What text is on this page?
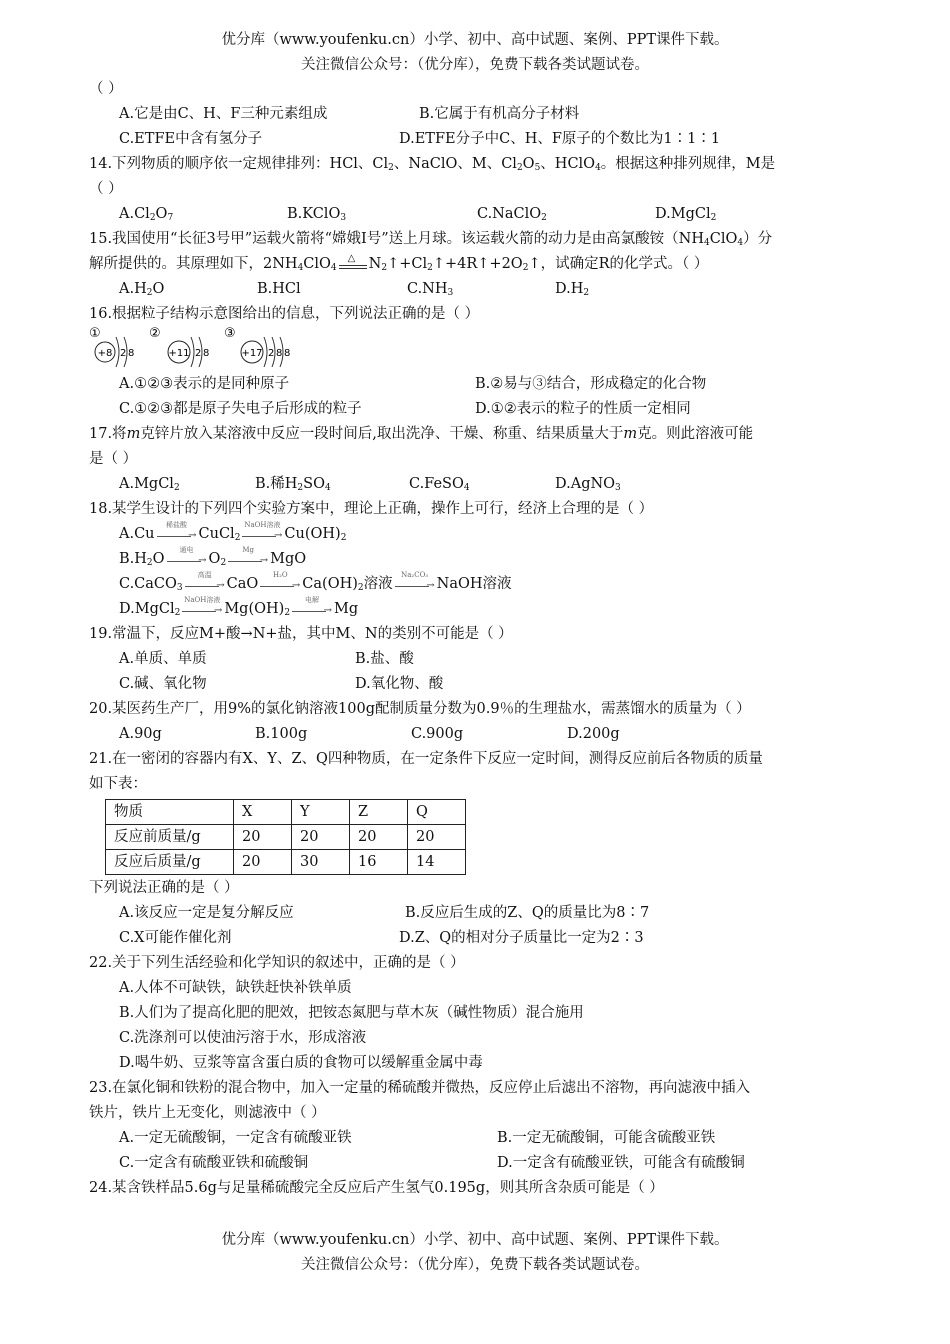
优分库（www.youfenku.cn）小学、初中、高中试题、案例、PPT课件下载。
关注微信公众号：（优分库），免费下载各类试题试卷。
（ ）
A.它是由C、H、F三种元素组成	B.它属于有机高分子材料
C.ETFE中含有氢分子	D.ETFE分子中C、H、F原子的个数比为1∶1∶1
14.下列物质的顺序依一定规律排列：HCl、$Cl_2$、NaClO、M、$Cl_2O_5$、HClO$_4$。根据这种排列规律，M是
（ ）
$A.Cl_2O_7$	B.KClO$_3$	C.NaClO$_2$	D.MgCl$_2$
15.我国使用“长征3号甲”运载火箭将“嫦娥Ⅰ号”送上月球。该运载火箭的动力是由高氯酸铵$(NH_4ClO_4)$分
解所提供的。其原理如下，$2NH_4ClO_4$
△ $N_2↑+Cl_2↑+4R↑+2O_2↑$，试确定R的化学式。（ ）
$A.H_2O$	B.HCl	$C.NH_3$	$D.H_2$
16.根据粒子结构示意图给出的信息，下列说法正确的是（ ）
①
+8 2 8
②
+11 2 8
③
+17 2 8 8
A.①②③表示的是同种原子	B.②易与③结合，形成稳定的化合物
C.①②③都是原子失电子后形成的粒子	D.①②表示的粒子的性质一定相同
17.将m克锌片放入某溶液中反应一段时间后,取出洗净、干燥、称重、结果质量大于m克。则此溶液可能
是（ ）
A.MgCl$_2$	B.稀$H_2SO_4$	C.FeSO$_4$	D.AgNO$_3$
18.某学生设计的下列四个实验方案中，理论上正确，操作上可行，经济上合理的是（ ）
A.Cu
稀盐酸
→ CuCl$_2$
NaOH溶液
→ $Cu(OH)_2$
$B.H_2O$
通电
→ $O_2$
Mg
→ MgO
C.CaCO$_3$
高温
→ CaO
H₂O
→ $Ca(OH)_2$溶液
Na₂CO₃
→ NaOH溶液
D.MgCl$_2$
NaOH溶液
→ $Mg(OH)_2$
电解
→ Mg
19.常温下，反应M+酸→N+盐，其中M、N的类别不可能是（ ）
A.单质、单质	B.盐、酸
C.碱、氧化物	D.氧化物、酸
20.某医药生产厂，用9%的氯化钠溶液100g配制质量分数为0.9％的生理盐水，需蒸馏水的质量为（ ）
A.90g	B.100g	C.900g	D.200g
21.在一密闭的容器内有X、Y、Z、Q四种物质，在一定条件下反应一定时间，测得反应前后各物质的质量
如下表：
物质	X	Y	Z	Q
反应前质量/g	20	20	20	20
反应后质量/g	20	30	16	14
下列说法正确的是（ ）
A.该反应一定是复分解反应	B.反应后生成的Z、Q的质量比为8∶7
C.X可能作催化剂	D.Z、Q的相对分子质量比一定为2∶3
22.关于下列生活经验和化学知识的叙述中，正确的是（ ）
A.人体不可缺铁，缺铁赶快补铁单质
B.人们为了提高化肥的肥效，把铵态氮肥与草木灰（碱性物质）混合施用
C.洗涤剂可以使油污溶于水，形成溶液
D.喝牛奶、豆浆等富含蛋白质的食物可以缓解重金属中毒
23.在氯化铜和铁粉的混合物中，加入一定量的稀硫酸并微热，反应停止后滤出不溶物，再向滤液中插入
铁片，铁片上无变化，则滤液中（ ）
A.一定无硫酸铜，一定含有硫酸亚铁	B.一定无硫酸铜，可能含硫酸亚铁
C.一定含有硫酸亚铁和硫酸铜	D.一定含有硫酸亚铁，可能含有硫酸铜
24.某含铁样品5.6g与足量稀硫酸完全反应后产生氢气0.195g，则其所含杂质可能是（ ）
优分库（www.youfenku.cn）小学、初中、高中试题、案例、PPT课件下载。
关注微信公众号：（优分库），免费下载各类试题试卷。
